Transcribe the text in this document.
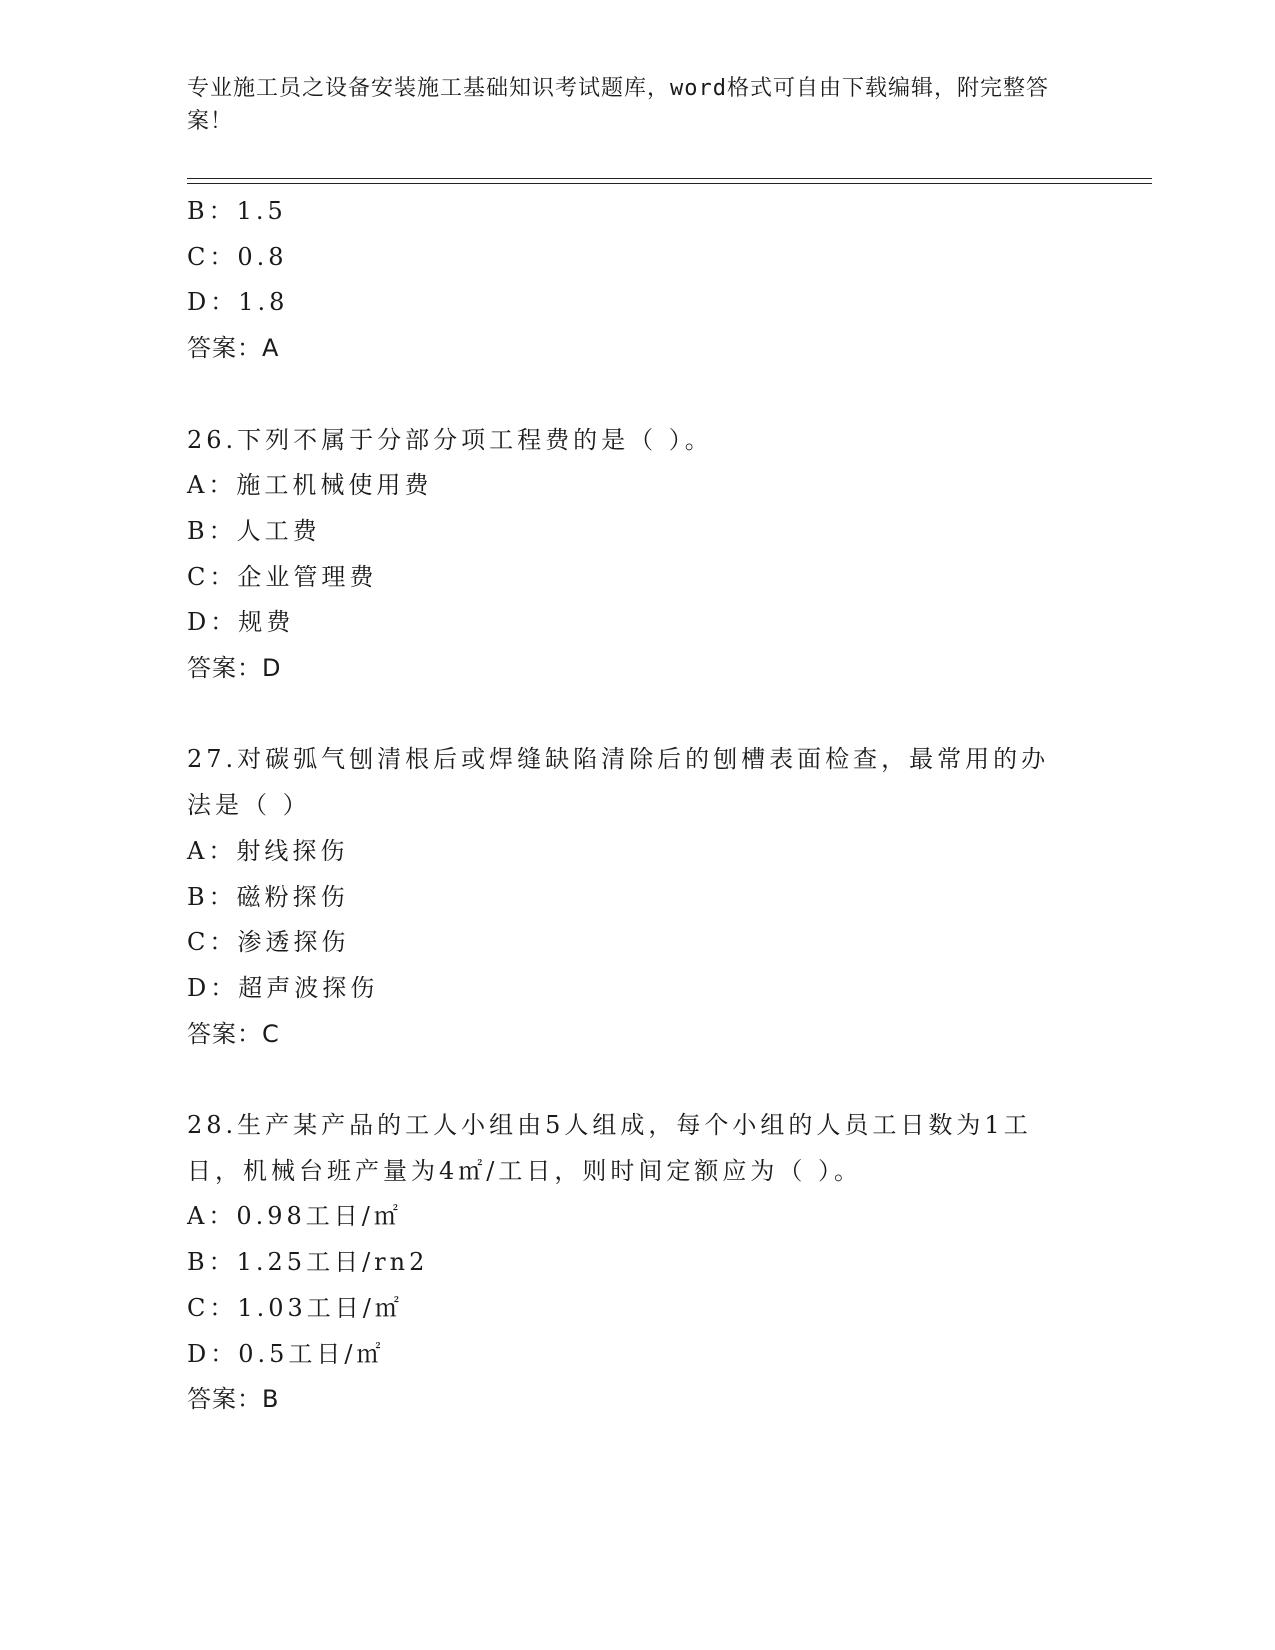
专业施工员之设备安装施工基础知识考试题库，word格式可自由下载编辑，附完整答案！
B：1.5
C：0.8
D：1.8
答案：A
26.下列不属于分部分项工程费的是（ ）。
A：施工机械使用费
B：人工费
C：企业管理费
D：规费
答案：D
27.对碳弧气刨清根后或焊缝缺陷清除后的刨槽表面检查，最常用的办法是（ ）
A：射线探伤
B：磁粉探伤
C：渗透探伤
D：超声波探伤
答案：C
28.生产某产品的工人小组由5人组成，每个小组的人员工日数为1工日，机械台班产量为4㎡/工日，则时间定额应为（ ）。
A：0.98工日/㎡
B：1.25工日/rn2
C：1.03工日/㎡
D：0.5工日/㎡
答案：B
